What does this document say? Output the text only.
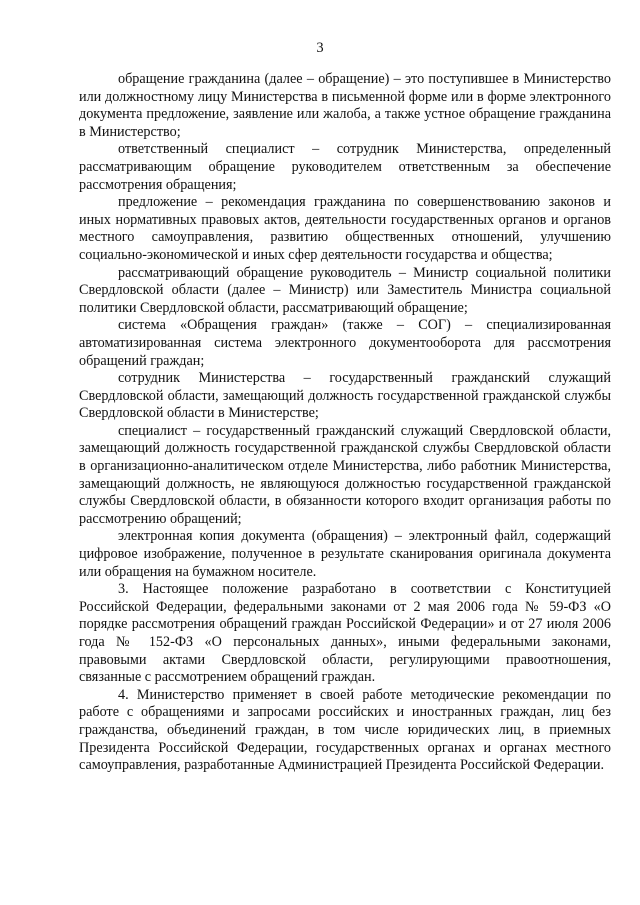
3

обращение гражданина (далее – обращение) – это поступившее в Министерство или должностному лицу Министерства в письменной форме или в форме электронного документа предложение, заявление или жалоба, а также устное обращение гражданина в Министерство;

ответственный специалист – сотрудник Министерства, определенный рассматривающим обращение руководителем ответственным за обеспечение рассмотрения обращения;

предложение – рекомендация гражданина по совершенствованию законов и иных нормативных правовых актов, деятельности государственных органов и органов местного самоуправления, развитию общественных отношений, улучшению социально-экономической и иных сфер деятельности государства и общества;

рассматривающий обращение руководитель – Министр социальной политики Свердловской области (далее – Министр) или Заместитель Министра социальной политики Свердловской области, рассматривающий обращение;

система «Обращения граждан» (также – СОГ) – специализированная автоматизированная система электронного документооборота для рассмотрения обращений граждан;

сотрудник Министерства – государственный гражданский служащий Свердловской области, замещающий должность государственной гражданской службы Свердловской области в Министерстве;

специалист – государственный гражданский служащий Свердловской области, замещающий должность государственной гражданской службы Свердловской области в организационно-аналитическом отделе Министерства, либо работник Министерства, замещающий должность, не являющуюся должностью государственной гражданской службы Свердловской области, в обязанности которого входит организация работы по рассмотрению обращений;

электронная копия документа (обращения) – электронный файл, содержащий цифровое изображение, полученное в результате сканирования оригинала документа или обращения на бумажном носителе.

3. Настоящее положение разработано в соответствии с Конституцией Российской Федерации, федеральными законами от 2 мая 2006 года № 59-ФЗ «О порядке рассмотрения обращений граждан Российской Федерации» и от 27 июля 2006 года № 152-ФЗ «О персональных данных», иными федеральными законами, правовыми актами Свердловской области, регулирующими правоотношения, связанные с рассмотрением обращений граждан.

4. Министерство применяет в своей работе методические рекомендации по работе с обращениями и запросами российских и иностранных граждан, лиц без гражданства, объединений граждан, в том числе юридических лиц, в приемных Президента Российской Федерации, государственных органах и органах местного самоуправления, разработанные Администрацией Президента Российской Федерации.
